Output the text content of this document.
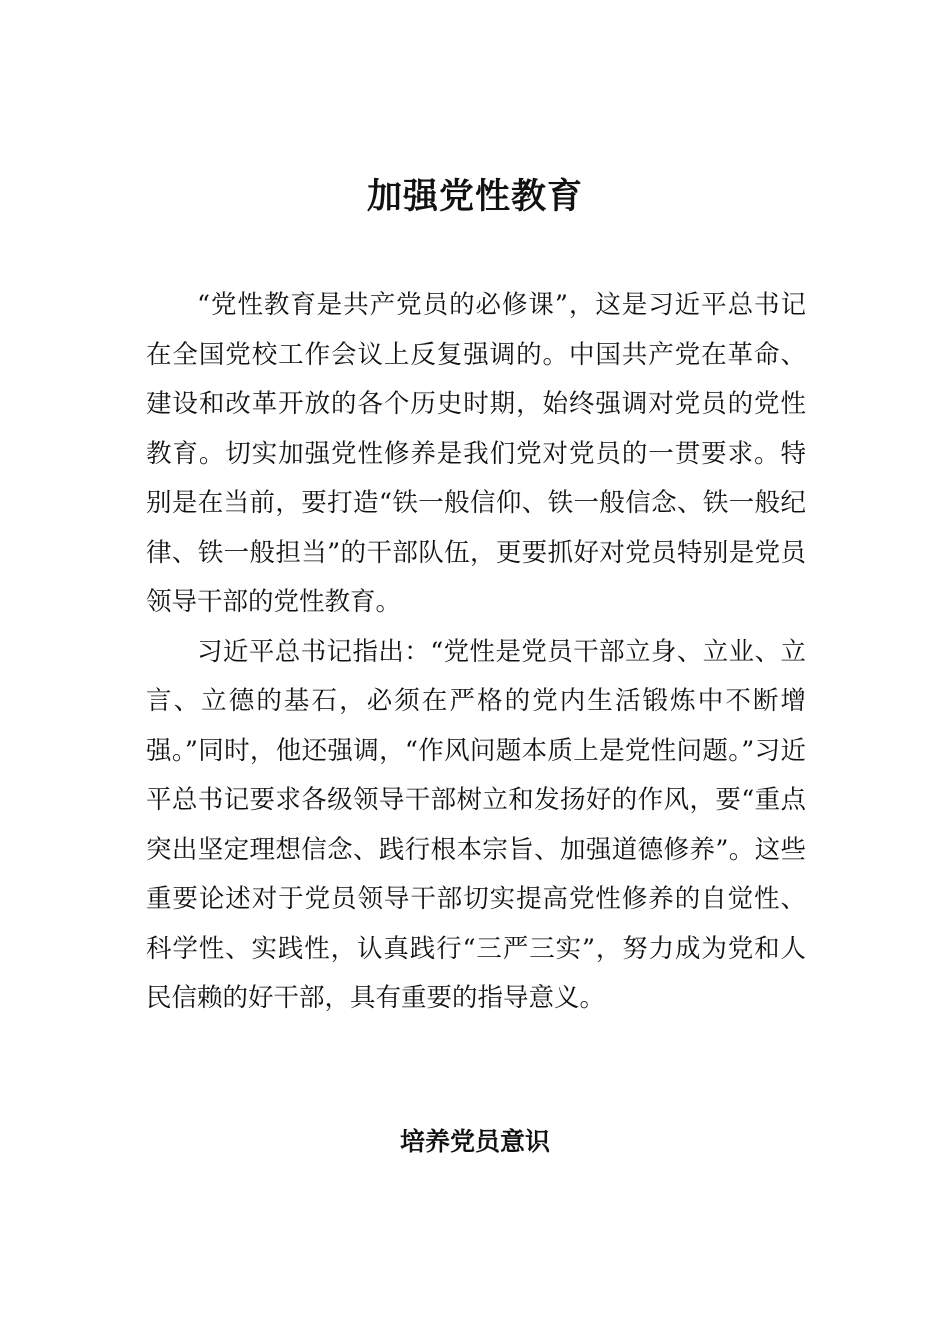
加强党性教育

“党性教育是共产党员的必修课”，这是习近平总书记在全国党校工作会议上反复强调的。中国共产党在革命、建设和改革开放的各个历史时期，始终强调对党员的党性教育。切实加强党性修养是我们党对党员的一贯要求。特别是在当前，要打造“铁一般信仰、铁一般信念、铁一般纪律、铁一般担当”的干部队伍，更要抓好对党员特别是党员领导干部的党性教育。

习近平总书记指出：“党性是党员干部立身、立业、立言、立德的基石，必须在严格的党内生活锻炼中不断增强。”同时，他还强调，“作风问题本质上是党性问题。”习近平总书记要求各级领导干部树立和发扬好的作风，要“重点突出坚定理想信念、践行根本宗旨、加强道德修养”。这些重要论述对于党员领导干部切实提高党性修养的自觉性、科学性、实践性，认真践行“三严三实”，努力成为党和人民信赖的好干部，具有重要的指导意义。

培养党员意识
